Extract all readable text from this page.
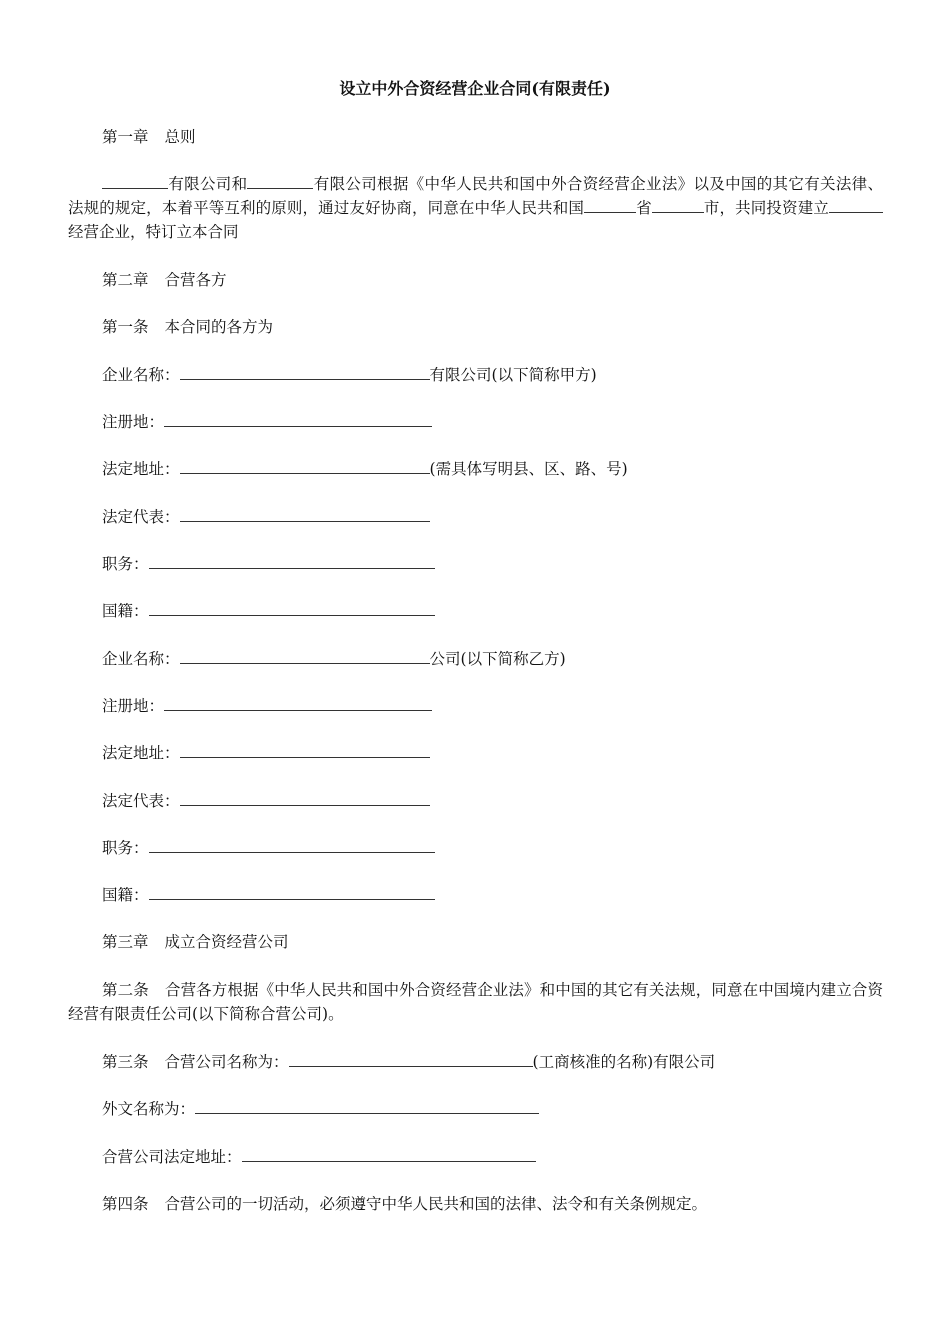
设立中外合资经营企业合同(有限责任)
第一章 总则
有限公司和	有限公司根据《中华人民共和国中外合资经营企业法》以及中国的其它有关法律、法规的规定，本着平等互利的原则，通过友好协商，同意在中华人民共和国	省	市，共同投资建立经营企业，特订立本合同
第二章 合营各方
第一条 本合同的各方为
企业名称：	有限公司(以下简称甲方)
注册地：
法定地址：	(需具体写明县、区、路、号)
法定代表：
职务：
国籍：
企业名称：	公司(以下简称乙方)
注册地：
法定地址：
法定代表：
职务：
国籍：
第三章 成立合资经营公司
第二条 合营各方根据《中华人民共和国中外合资经营企业法》和中国的其它有关法规，同意在中国境内建立合资经营有限责任公司(以下简称合营公司)。
第三条 合营公司名称为：	(工商核准的名称)有限公司
外文名称为：
合营公司法定地址：
第四条 合营公司的一切活动，必须遵守中华人民共和国的法律、法令和有关条例规定。
